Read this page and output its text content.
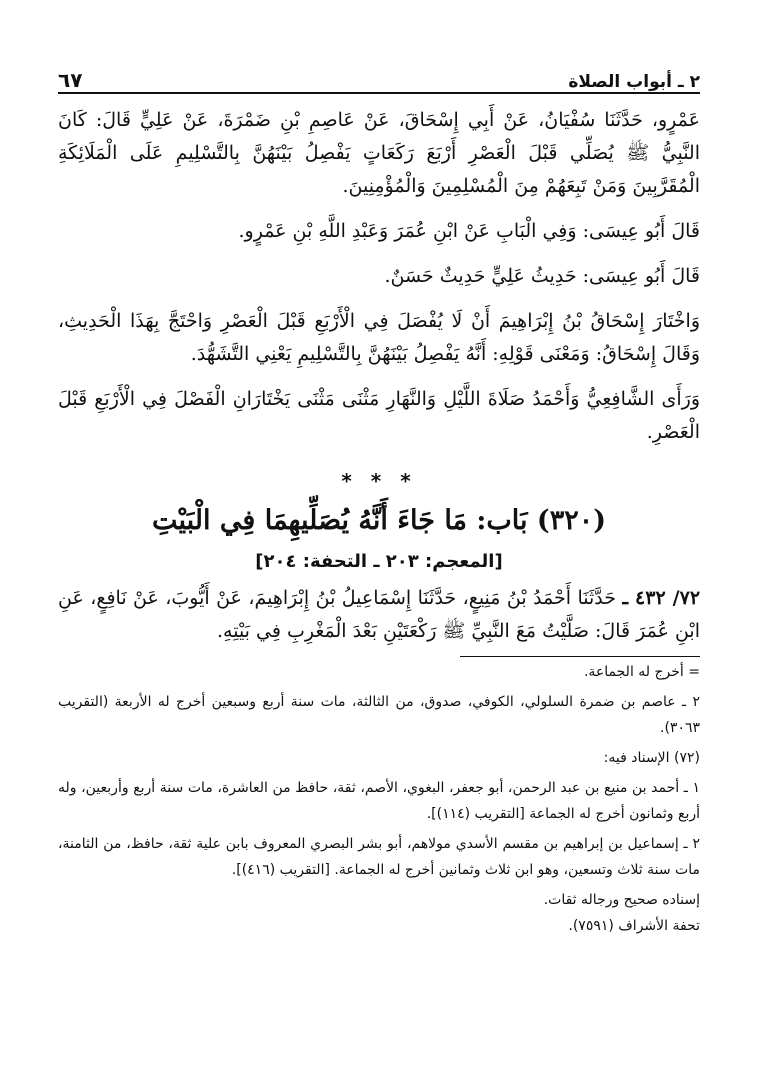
٢ ـ أبواب الصلاة
٦٧

عَمْرٍو، حَدَّثَنَا سُفْيَانُ، عَنْ أَبِي إِسْحَاقَ، عَنْ عَاصِمِ بْنِ ضَمْرَةَ، عَنْ عَلِيٍّ قَالَ: كَانَ النَّبِيُّ ﷺ يُصَلِّي قَبْلَ الْعَصْرِ أَرْبَعَ رَكَعَاتٍ يَفْصِلُ بَيْنَهُنَّ بِالتَّسْلِيمِ عَلَى الْمَلَائِكَةِ الْمُقَرَّبِينَ وَمَنْ تَبِعَهُمْ مِنَ الْمُسْلِمِينَ وَالْمُؤْمِنِينَ.

قَالَ أَبُو عِيسَى: وَفِي الْبَابِ عَنْ ابْنِ عُمَرَ وَعَبْدِ اللَّهِ بْنِ عَمْرٍو.

قَالَ أَبُو عِيسَى: حَدِيثُ عَلِيٍّ حَدِيثٌ حَسَنٌ.

وَاخْتَارَ إِسْحَاقُ بْنُ إِبْرَاهِيمَ أَنْ لَا يُفْصَلَ فِي الْأَرْبَعِ قَبْلَ الْعَصْرِ وَاحْتَجَّ بِهَذَا الْحَدِيثِ، وَقَالَ إِسْحَاقُ: وَمَعْنَى قَوْلِهِ: أَنَّهُ يَفْصِلُ بَيْنَهُنَّ بِالتَّسْلِيمِ يَعْنِي التَّشَهُّدَ.

وَرَأَى الشَّافِعِيُّ وَأَحْمَدُ صَلَاةَ اللَّيْلِ وَالنَّهَارِ مَثْنَى مَثْنَى يَخْتَارَانِ الْفَصْلَ فِي الْأَرْبَعِ قَبْلَ الْعَصْرِ.

* * *
(٣٢٠) بَاب: مَا جَاءَ أَنَّهُ يُصَلِّيهِمَا فِي الْبَيْتِ
[المعجم: ٢٠٣ ـ التحفة: ٢٠٤]

٧٢/ ٤٣٢ ـ حَدَّثَنَا أَحْمَدُ بْنُ مَنِيعٍ، حَدَّثَنَا إِسْمَاعِيلُ بْنُ إِبْرَاهِيمَ، عَنْ أَيُّوبَ، عَنْ نَافِعٍ، عَنِ ابْنِ عُمَرَ قَالَ: صَلَّيْتُ مَعَ النَّبِيِّ ﷺ رَكْعَتَيْنِ بَعْدَ الْمَغْرِبِ فِي بَيْتِهِ.

= أخرج له الجماعة.

٢ ـ عاصم بن ضمرة السلولي، الكوفي، صدوق، من الثالثة، مات سنة أربع وسبعين أخرج له الأربعة (التقريب ٣٠٦٣).

(٧٢) الإسناد فيه:

١ ـ أحمد بن منيع بن عبد الرحمن، أبو جعفر، البغوي، الأصم، ثقة، حافظ من العاشرة، مات سنة أربع وأربعين، وله أربع وثمانون أخرج له الجماعة [التقريب (١١٤)].

٢ ـ إسماعيل بن إبراهيم بن مقسم الأسدي مولاهم، أبو بشر البصري المعروف بابن علية ثقة، حافظ، من الثامنة، مات سنة ثلاث وتسعين، وهو ابن ثلاث وثمانين أخرج له الجماعة. [التقريب (٤١٦)].

إسناده صحيح ورجاله ثقات.

تحفة الأشراف (٧٥٩١).
